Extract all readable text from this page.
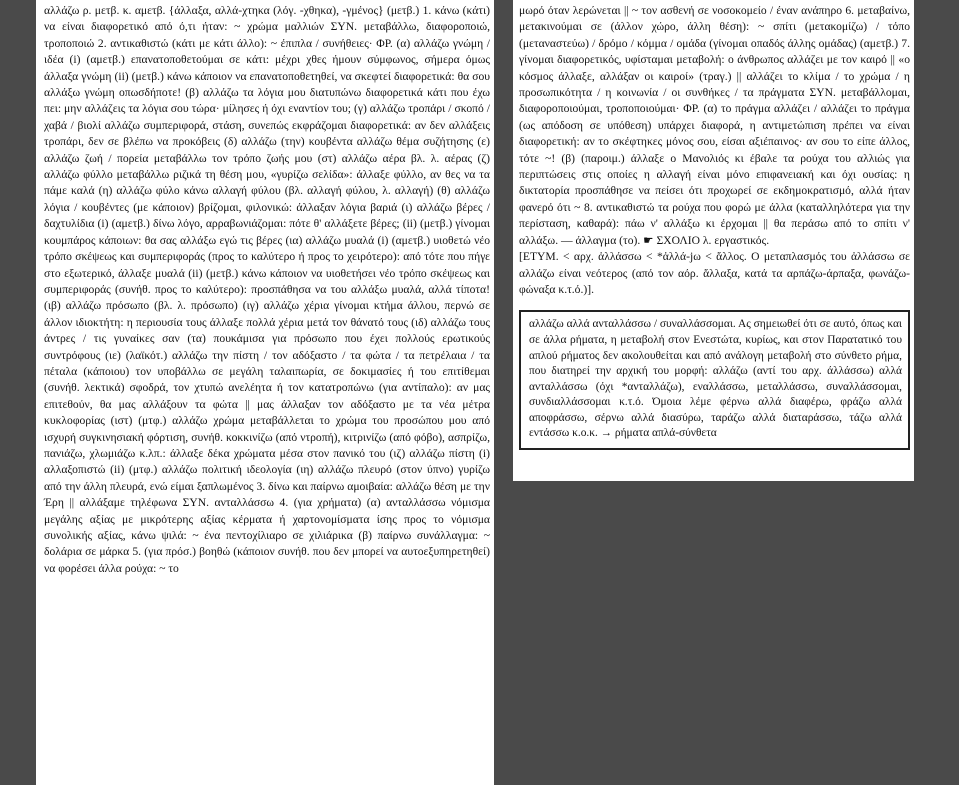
αλλάζω ρ. μετβ. κ. αμετβ. {άλλαξα, αλλά-χτηκα (λόγ. -χθηκα), -γμένος} (μετβ.) 1. κάνω (κάτι) να είναι διαφορετικό από ό,τι ήταν: ~ χρώμα μαλλιών ΣΥΝ. μεταβάλλω, διαφοροποιώ, τροποποιώ 2. αντικαθιστώ (κάτι με κάτι άλλο): ~ έπιπλα / συνήθειες· ΦΡ. (α) αλλάζω γνώμη / ιδέα (i) (αμετβ.) επανατοποθετούμαι σε κάτι: μέχρι χθες ήμουν σύμφωνος, σήμερα όμως άλλαξα γνώμη (ii) (μετβ.) κάνω κάποιον να επανατοποθετηθεί, να σκεφτεί διαφορετικά: θα σου αλλάξω γνώμη οπωσδήποτε! (β) αλλάζω τα λόγια μου διατυπώνω διαφορετικά κάτι που έχω πει: μην αλλάζεις τα λόγια σου τώρα· μίλησες ή όχι εναντίον του; (γ) αλλάζω τροπάρι / σκοπό / χαβά / βιολί αλλάζω συμπεριφορά, στάση, συνεπώς εκφράζομαι διαφορετικά: αν δεν αλλάξεις τροπάρι, δεν σε βλέπω να προκόβεις (δ) αλλάζω (την) κουβέντα αλλάζω θέμα συζήτησης (ε) αλλάζω ζωή / πορεία μεταβάλλω τον τρόπο ζωής μου (στ) αλλάζω αέρα βλ. λ. αέρας (ζ) αλλάζω φύλλο μεταβάλλω ριζικά τη θέση μου, «γυρίζω σελίδα»: άλλαξε φύλλο, αν θες να τα πάμε καλά (η) αλλάζω φύλο κάνω αλλαγή φύλου (βλ. αλλαγή φύλου, λ. αλλαγή) (θ) αλλάζω λόγια / κουβέντες (με κάποιον) βρίζομαι, φιλονικώ: άλλαξαν λόγια βαριά (ι) αλλάζω βέρες / δαχτυλίδια (i) (αμετβ.) δίνω λόγο, αρραβωνιάζομαι: πότε θ' αλλάξετε βέρες; (ii) (μετβ.) γίνομαι κουμπάρος κάποιων: θα σας αλλάξω εγώ τις βέρες (ια) αλλάζω μυαλά (i) (αμετβ.) υιοθετώ νέο τρόπο σκέψεως και συμπεριφοράς (προς το καλύτερο ή προς το χειρότερο): από τότε που πήγε στο εξωτερικό, άλλαξε μυαλά (ii) (μετβ.) κάνω κάποιον να υιοθετήσει νέο τρόπο σκέψεως και συμπεριφοράς (συνήθ. προς το καλύτερο): προσπάθησα να του αλλάξω μυαλά, αλλά τίποτα! (ιβ) αλλάζω πρόσωπο (βλ. λ. πρόσωπο) (ιγ) αλλάζω χέρια γίνομαι κτήμα άλλου, περνώ σε άλλον ιδιοκτήτη: η περιουσία τους άλλαξε πολλά χέρια μετά τον θάνατό τους (ιδ) αλλάζω τους άντρες / τις γυναίκες σαν (τα) πουκάμισα για πρόσωπο που έχει πολλούς ερωτικούς συντρόφους (ιε) (λαϊκότ.) αλλάζω την πίστη / τον αδόξαστο / τα φώτα / τα πετρέλαια / τα πέταλα (κάποιου) τον υποβάλλω σε μεγάλη ταλαιπωρία, σε δοκιμασίες ή του επιτίθεμαι (συνήθ. λεκτικά) σφοδρά, τον χτυπώ ανελέητα ή τον κατατροπώνω (για αντίπαλο): αν μας επιτεθούν, θα μας αλλάξουν τα φώτα || μας άλλαξαν τον αδόξαστο με τα νέα μέτρα κυκλοφορίας (ιστ) (μτφ.) αλλάζω χρώμα μεταβάλλεται το χρώμα του προσώπου μου από ισχυρή συγκινησιακή φόρτιση, συνήθ. κοκκινίζω (από ντροπή), κιτρινίζω (από φόβο), ασπρίζω, πανιάζω, χλωμιάζω κ.λπ.: άλλαξε δέκα χρώματα μέσα στον πανικό του (ιζ) αλλάζω πίστη (i) αλλαξοπιστώ (ii) (μτφ.) αλλάζω πολιτική ιδεολογία (ιη) αλλάζω πλευρό (στον ύπνο) γυρίζω από την άλλη πλευρά, ενώ είμαι ξαπλωμένος 3. δίνω και παίρνω αμοιβαία: αλλάζω θέση με την Έρη || αλλάξαμε τηλέφωνα ΣΥΝ. ανταλλάσσω 4. (για χρήματα) (α) ανταλλάσσω νόμισμα μεγάλης αξίας με μικρότερης αξίας κέρματα ή χαρτονομίσματα ίσης προς το νόμισμα συνολικής αξίας, κάνω ψιλά: ~ ένα πεντοχίλιαρο σε χιλιάρικα (β) παίρνω συνάλλαγμα: ~ δολάρια σε μάρκα 5. (για πρόσ.) βοηθώ (κάποιον συνήθ. που δεν μπορεί να αυτοεξυπηρετηθεί) να φορέσει άλλα ρούχα: ~ το

μωρό όταν λερώνεται || ~ τον ασθενή σε νοσοκομείο / έναν ανάπηρο 6. μεταβαίνω, μετακινούμαι σε (άλλον χώρο, άλλη θέση): ~ σπίτι (μετακομίζω) / τόπο (μεταναστεύω) / δρόμο / κόμμα / ομάδα (γίνομαι οπαδός άλλης ομάδας) (αμετβ.) 7. γίνομαι διαφορετικός, υφίσταμαι μεταβολή: ο άνθρωπος αλλάζει με τον καιρό || «ο κόσμος άλλαξε, αλλάξαν οι καιροί» (τραγ.) || αλλάζει το κλίμα / το χρώμα / η προσωπικότητα / η κοινωνία / οι συνθήκες / τα πράγματα ΣΥΝ. μεταβάλλομαι, διαφοροποιούμαι, τροποποιούμαι· ΦΡ. (α) το πράγμα αλλάζει / αλλάζει το πράγμα (ως απόδοση σε υπόθεση) υπάρχει διαφορά, η αντιμετώπιση πρέπει να είναι διαφορετική: αν το σκέφτηκες μόνος σου, είσαι αξιέπαινος· αν σου το είπε άλλος, τότε ~! (β) (παροιμ.) άλλαξε ο Μανολιός κι έβαλε τα ρούχα του αλλιώς για περιπτώσεις στις οποίες η αλλαγή είναι μόνο επιφανειακή και όχι ουσίας: η δικτατορία προσπάθησε να πείσει ότι προχωρεί σε εκδημοκρατισμό, αλλά ήταν φανερό ότι ~ 8. αντικαθιστώ τα ρούχα που φορώ με άλλα (καταλληλότερα για την περίσταση, καθαρά): πάω ν' αλλάξω κι έρχομαι || θα περάσω από το σπίτι ν' αλλάξω. — άλλαγμα (το). ☛ ΣΧΟΛΙΟ λ. εργαστικός.

[ΕΤΥΜ. < αρχ. ἀλλάσσω < *ἀλλά-ϳω < ἄλλος. Ο μεταπλασμός του ἀλλάσσω σε αλλάζω είναι νεότερος (από τον αόρ. ἄλλαξα, κατά τα αρπάζω-άρπαξα, φωνάζω-φώναξα κ.τ.ό.)].

αλλάζω αλλά ανταλλάσσω / συναλλάσσομαι. Ας σημειωθεί ότι σε αυτό, όπως και σε άλλα ρήματα, η μεταβολή στον Ενεστώτα, κυρίως, και στον Παρατατικό του απλού ρήματος δεν ακολουθείται και από ανάλογη μεταβολή στο σύνθετο ρήμα, που διατηρεί την αρχική του μορφή: αλλάζω (αντί του αρχ. άλλάσσω) αλλά ανταλλάσσω (όχι *ανταλλάζω), εναλλάσσω, μεταλλάσσω, συναλλάσσομαι, συνδιαλλάσσομαι κ.τ.ό. Όμοια λέμε φέρνω αλλά διαφέρω, φράζω αλλά αποφράσσω, σέρνω αλλά διασύρω, ταράζω αλλά διαταράσσω, τάζω αλλά εντάσσω κ.ο.κ. → ρήματα απλά-σύνθετα
